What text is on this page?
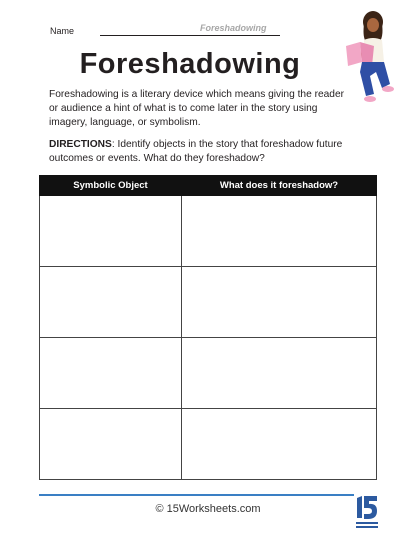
Name	Foreshadowing
Foreshadowing

Foreshadowing is a literary device which means giving the reader or audience a hint of what is to come later in the story using imagery, language, or symbolism.

DIRECTIONS: Identify objects in the story that foreshadow future outcomes or events. What do they foreshadow?

Symbolic Object	What does it foreshadow?

© 15Worksheets.com
